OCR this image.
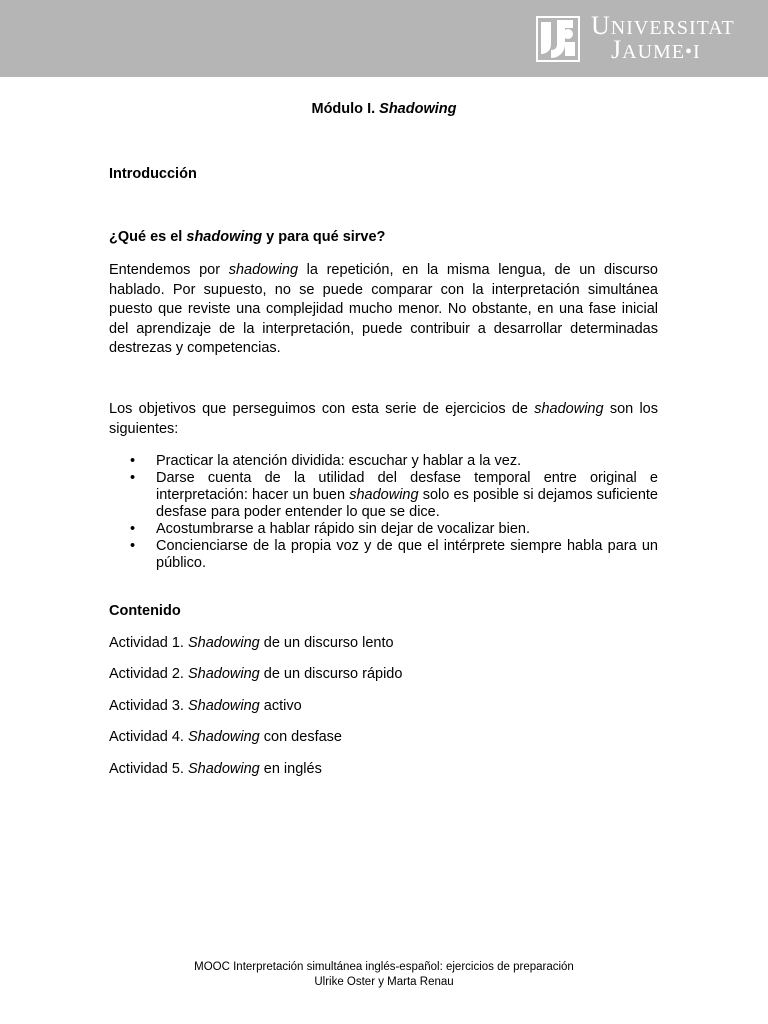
UNIVERSITAT
JAUME•I
Módulo I. Shadowing
Introducción
¿Qué es el shadowing y para qué sirve?

Entendemos por shadowing la repetición, en la misma lengua, de un discurso hablado. Por supuesto, no se puede comparar con la interpretación simultánea puesto que reviste una complejidad mucho menor. No obstante, en una fase inicial del aprendizaje de la interpretación, puede contribuir a desarrollar determinadas destrezas y competencias.

Los objetivos que perseguimos con esta serie de ejercicios de shadowing son los siguientes:

• Practicar la atención dividida: escuchar y hablar a la vez.
• Darse cuenta de la utilidad del desfase temporal entre original e interpretación: hacer un buen shadowing solo es posible si dejamos suficiente desfase para poder entender lo que se dice.
• Acostumbrarse a hablar rápido sin dejar de vocalizar bien.
• Concienciarse de la propia voz y de que el intérprete siempre habla para un público.
Contenido
Actividad 1. Shadowing de un discurso lento
Actividad 2. Shadowing de un discurso rápido
Actividad 3. Shadowing activo
Actividad 4. Shadowing con desfase
Actividad 5. Shadowing en inglés
MOOC Interpretación simultánea inglés-español: ejercicios de preparación
Ulrike Oster y Marta Renau
